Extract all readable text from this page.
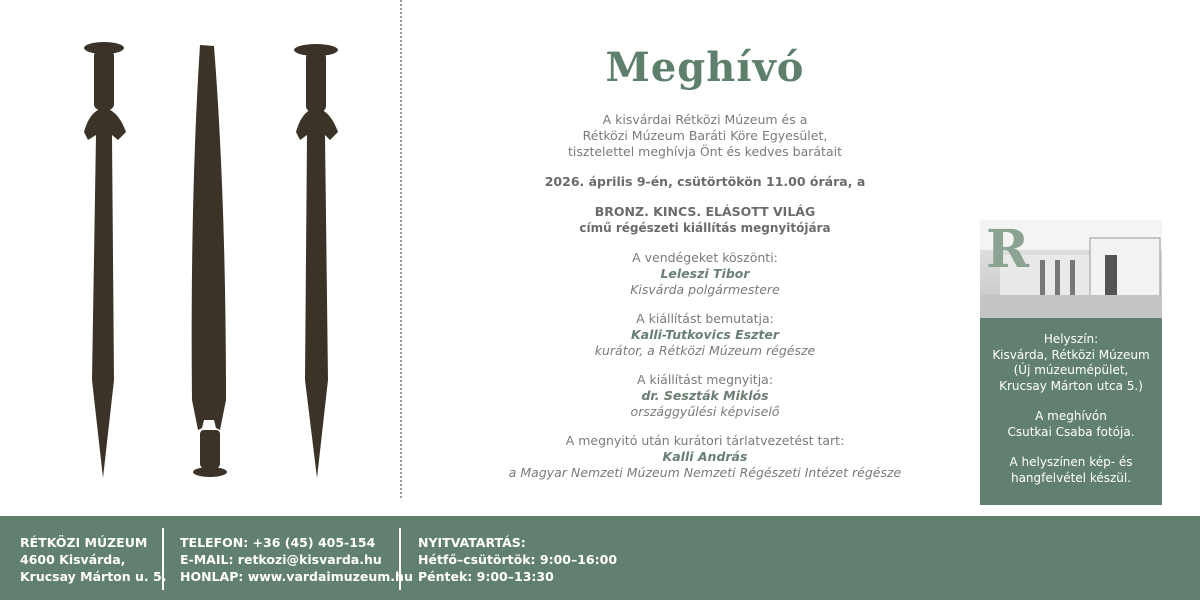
Meghívó
A kisvárdai Rétközi Múzeum és a
Rétközi Múzeum Baráti Köre Egyesület,
tisztelettel meghívja Önt és kedves barátait
2026. április 9-én, csütörtökön 11.00 órára, a
BRONZ. KINCS. ELÁSOTT VILÁG
című régészeti kiállítás megnyitójára
A vendégeket köszönti:
Leleszi Tibor
Kisvárda polgármestere
A kiállítást bemutatja:
Kalli-Tutkovics Eszter
kurátor, a Rétközi Múzeum régésze
A kiállítást megnyitja:
dr. Seszták Miklós
országgyűlési képviselő
A megnyitó után kurátori tárlatvezetést tart:
Kalli András
a Magyar Nemzeti Múzeum Nemzeti Régészeti Intézet régésze
R
Helyszín:
Kisvárda, Rétközi Múzeum
(Új múzeumépület,
Krucsay Márton utca 5.)
A meghívón
Csutkai Csaba fotója.
A helyszínen kép- és
hangfelvétel készül.
RÉTKÖZI MÚZEUM
4600 Kisvárda,
Krucsay Márton u. 5.
TELEFON: +36 (45) 405-154
E-MAIL: retkozi@kisvarda.hu
HONLAP: www.vardaimuzeum.hu
NYITVATARTÁS:
Hétfő–csütörtök: 9:00–16:00
Péntek: 9:00–13:30
